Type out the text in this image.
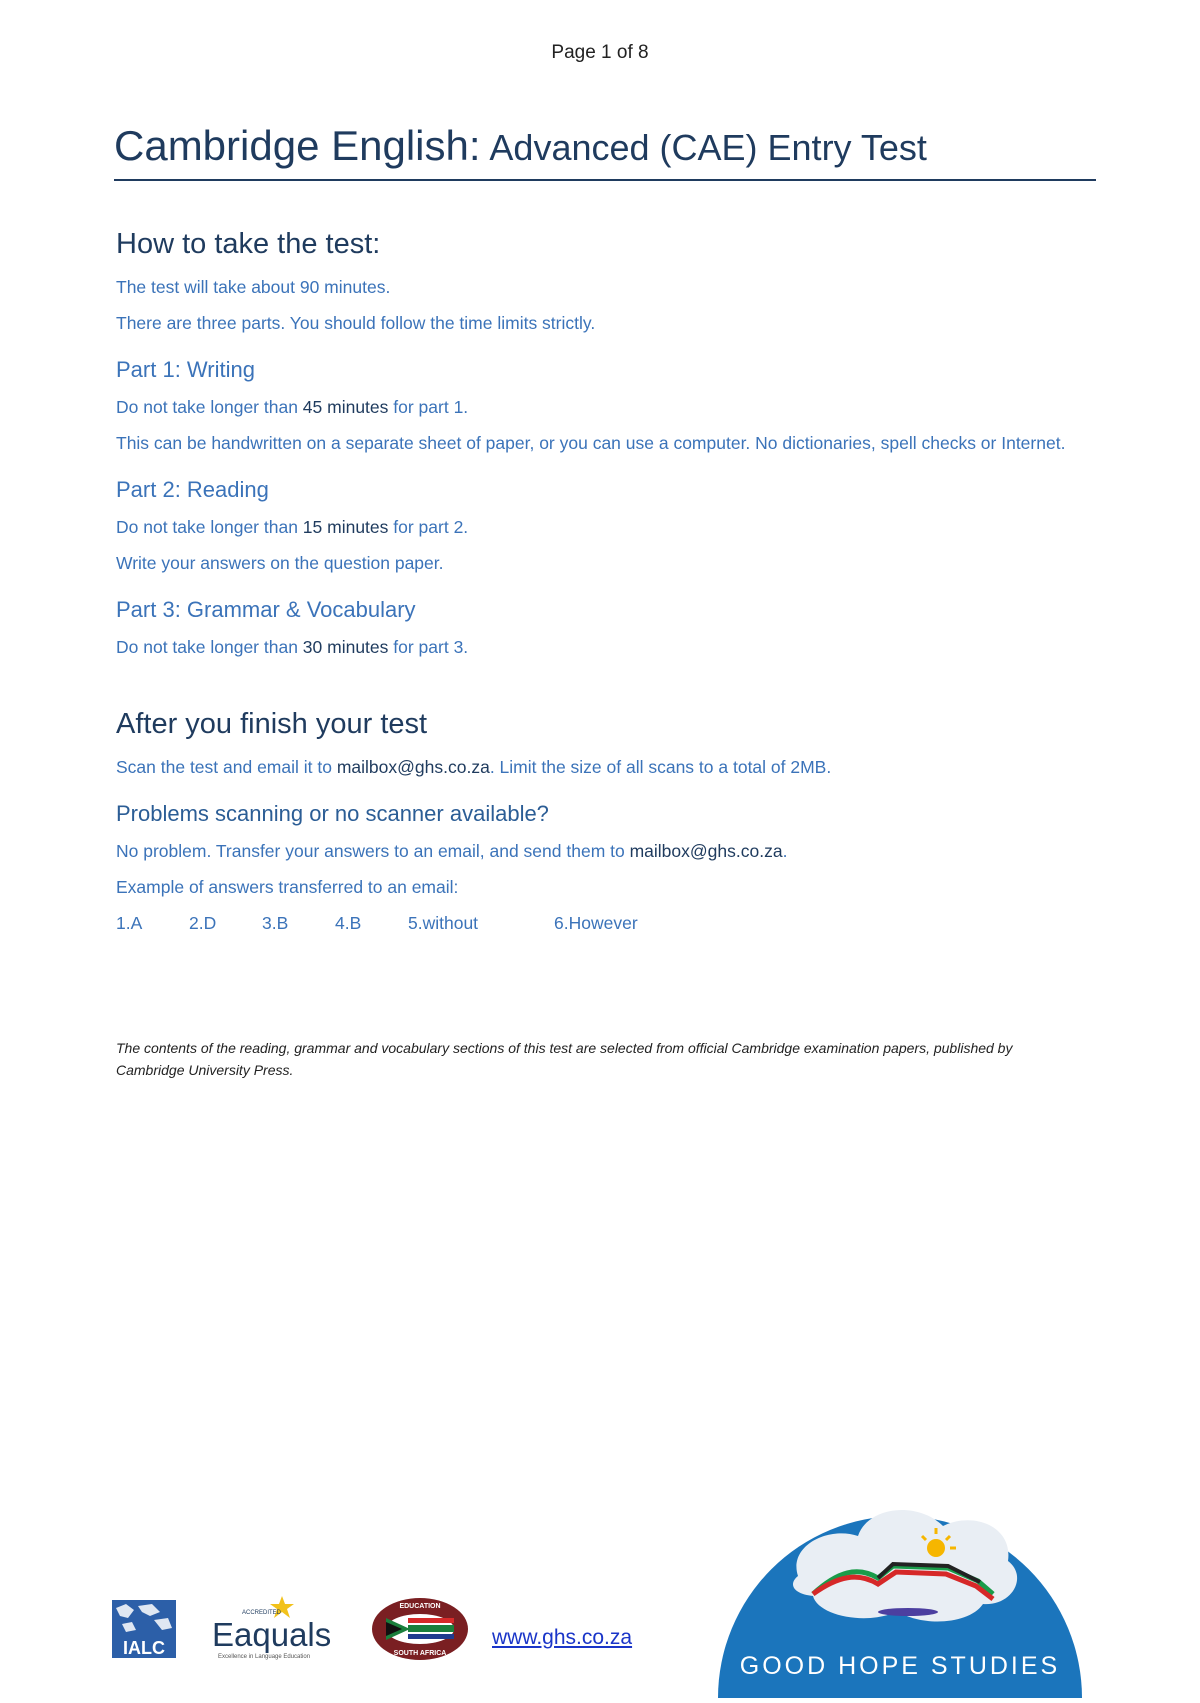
Page 1 of 8
Cambridge English: Advanced (CAE) Entry Test
How to take the test:

The test will take about 90 minutes.

There are three parts. You should follow the time limits strictly.

Part 1: Writing

Do not take longer than 45 minutes for part 1.

This can be handwritten on a separate sheet of paper, or you can use a computer. No dictionaries, spell checks or Internet.

Part 2: Reading

Do not take longer than 15 minutes for part 2.

Write your answers on the question paper.

Part 3: Grammar & Vocabulary

Do not take longer than 30 minutes for part 3.

After you finish your test

Scan the test and email it to mailbox@ghs.co.za. Limit the size of all scans to a total of 2MB.

Problems scanning or no scanner available?

No problem. Transfer your answers to an email, and send them to mailbox@ghs.co.za.

Example of answers transferred to an email:

1.A	2.D	3.B	4.B	5.without	6.However
The contents of the reading, grammar and vocabulary sections of this test are selected from official Cambridge examination papers, published by Cambridge University Press.
IALC
ACCREDITED
Eaquals
Excellence in Language Education
EDUCATION
SOUTH AFRICA
www.ghs.co.za
GOOD HOPE STUDIES
